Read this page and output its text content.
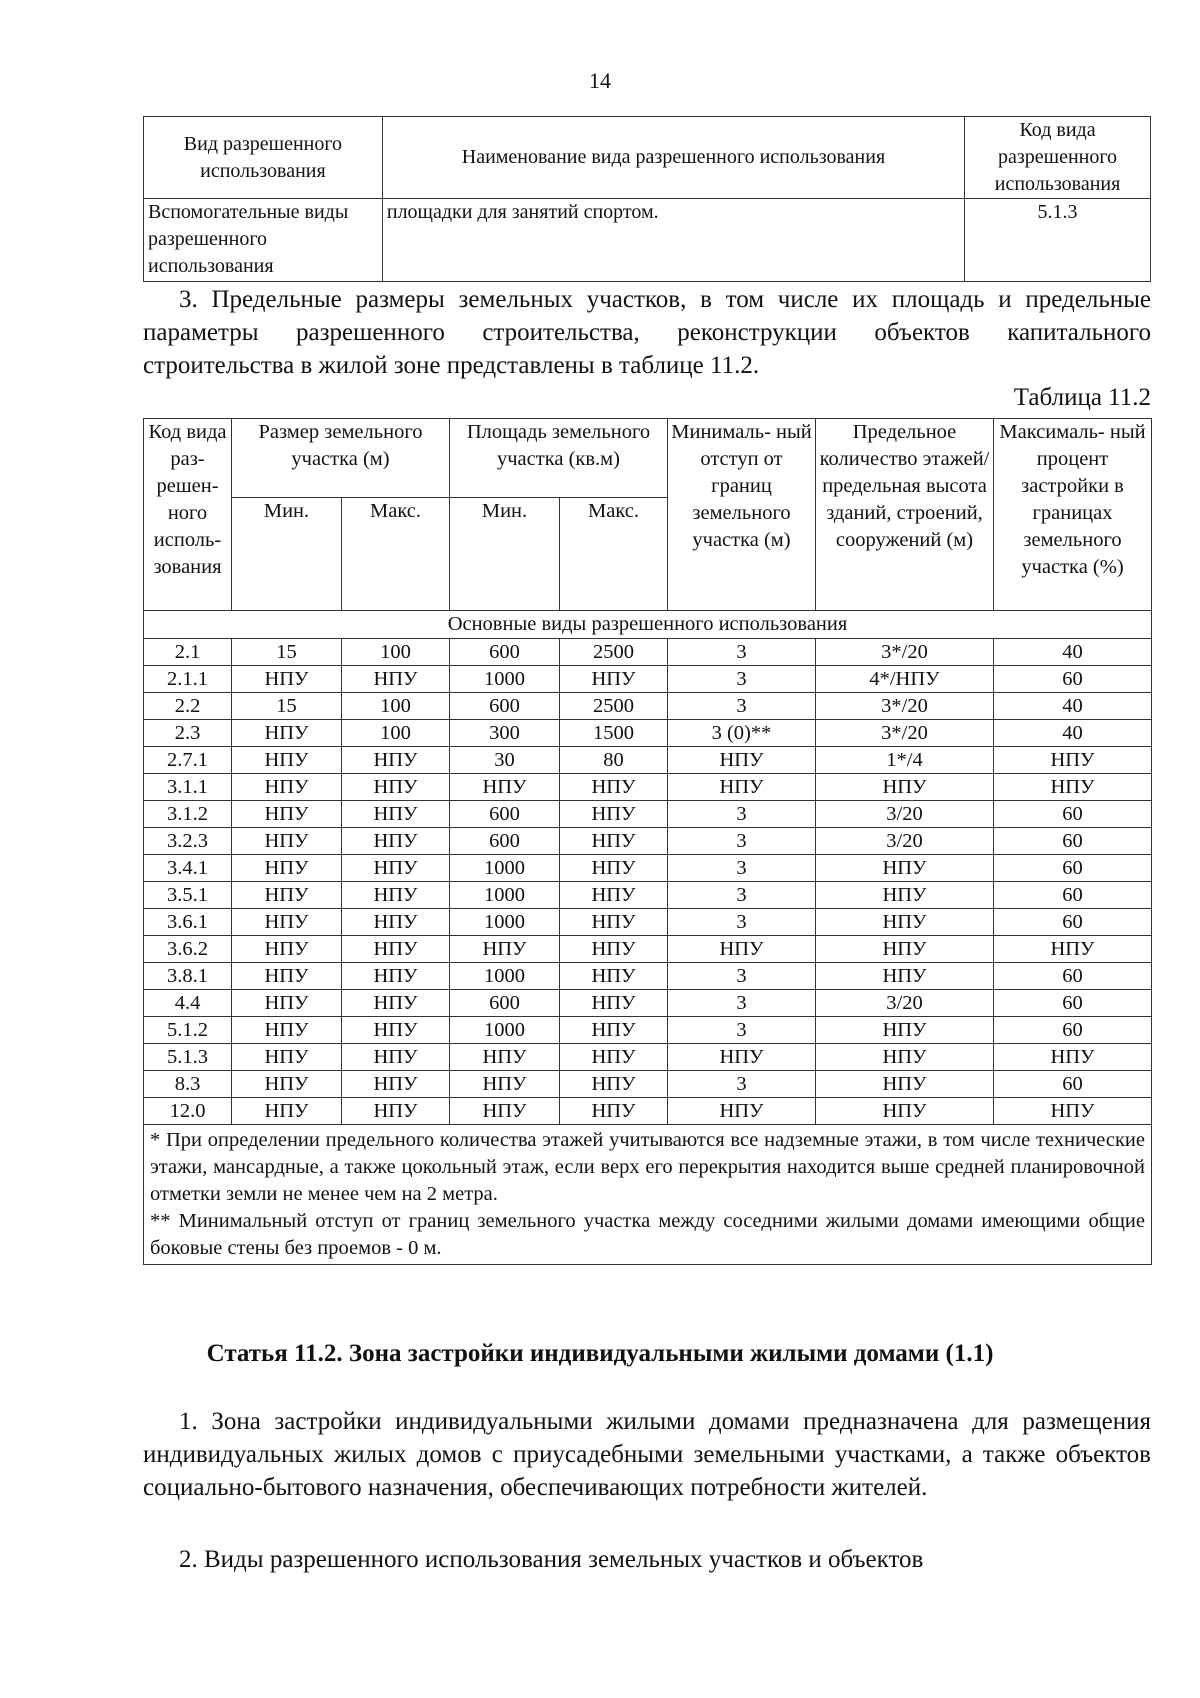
14
Вид разрешенного использования	Наименование вида разрешенного использования	Код вида разрешенного использования
Вспомогательные виды разрешенного использования	площадки для занятий спортом.	5.1.3
3. Предельные размеры земельных участков, в том числе их площадь и предельные параметры разрешенного строительства, реконструкции объектов капитального строительства в жилой зоне представлены в таблице 11.2.
Таблица 11.2
Код вида раз- решен- ного исполь- зования	Размер земельного участка (м)		Площадь земельного участка (кв.м)		Минималь- ный отступ от границ земельного участка (м)	Предельное количество этажей/ предельная высота зданий, строений, сооружений (м)	Максималь- ный процент застройки в границах земельного участка (%)
	Мин.	Макс.	Мин.	Макс.			
Основные виды разрешенного использования							
2.1	15	100	600	2500	3	3*/20	40
2.1.1	НПУ	НПУ	1000	НПУ	3	4*/НПУ	60
2.2	15	100	600	2500	3	3*/20	40
2.3	НПУ	100	300	1500	3 (0)**	3*/20	40
2.7.1	НПУ	НПУ	30	80	НПУ	1*/4	НПУ
3.1.1	НПУ	НПУ	НПУ	НПУ	НПУ	НПУ	НПУ
3.1.2	НПУ	НПУ	600	НПУ	3	3/20	60
3.2.3	НПУ	НПУ	600	НПУ	3	3/20	60
3.4.1	НПУ	НПУ	1000	НПУ	3	НПУ	60
3.5.1	НПУ	НПУ	1000	НПУ	3	НПУ	60
3.6.1	НПУ	НПУ	1000	НПУ	3	НПУ	60
3.6.2	НПУ	НПУ	НПУ	НПУ	НПУ	НПУ	НПУ
3.8.1	НПУ	НПУ	1000	НПУ	3	НПУ	60
4.4	НПУ	НПУ	600	НПУ	3	3/20	60
5.1.2	НПУ	НПУ	1000	НПУ	3	НПУ	60
5.1.3	НПУ	НПУ	НПУ	НПУ	НПУ	НПУ	НПУ
8.3	НПУ	НПУ	НПУ	НПУ	3	НПУ	60
12.0	НПУ	НПУ	НПУ	НПУ	НПУ	НПУ	НПУ

* При определении предельного количества этажей учитываются все надземные этажи, в том числе технические этажи, мансардные, а также цокольный этаж, если верх его перекрытия находится выше средней планировочной отметки земли не менее чем на 2 метра.
** Минимальный отступ от границ земельного участка между соседними жилыми домами имеющими общие боковые стены без проемов - 0 м.							
Статья 11.2. Зона застройки индивидуальными жилыми домами (1.1)
1. Зона застройки индивидуальными жилыми домами предназначена для размещения индивидуальных жилых домов с приусадебными земельными участками, а также объектов социально-бытового назначения, обеспечивающих потребности жителей.
2. Виды разрешенного использования земельных участков и объектов
